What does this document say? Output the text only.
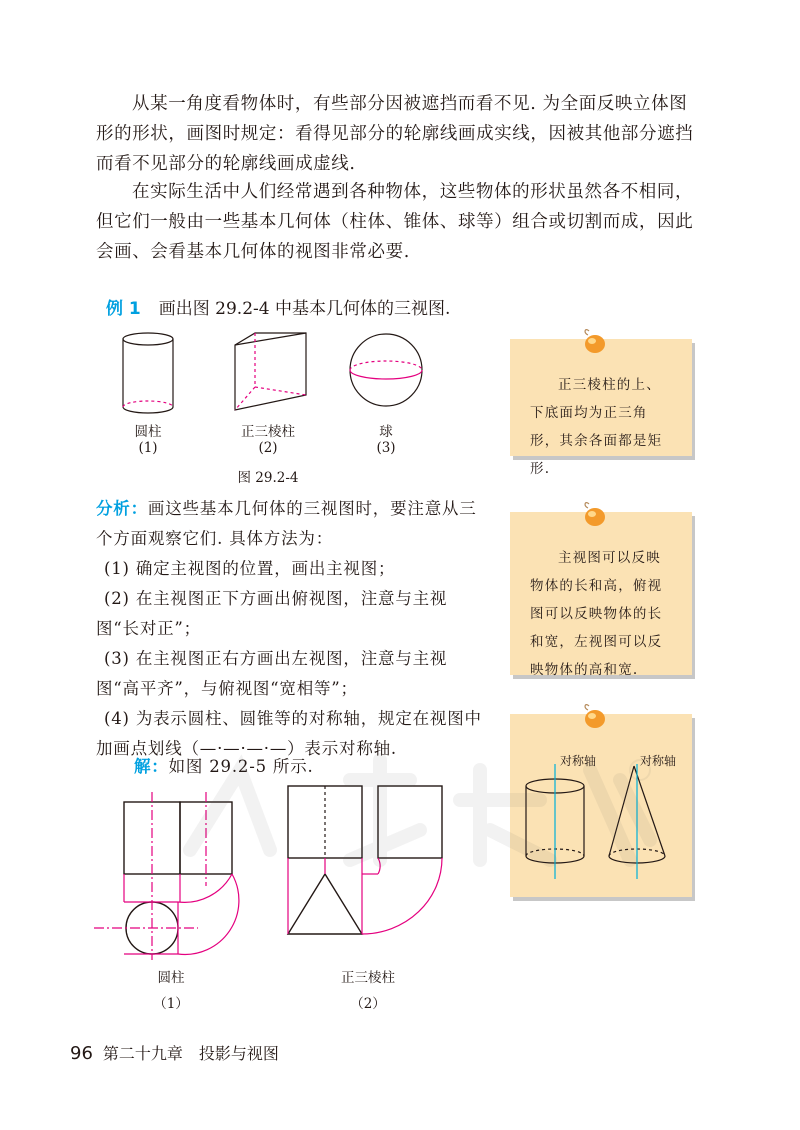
从某一角度看物体时，有些部分因被遮挡而看不见. 为全面反映立体图形的形状，画图时规定：看得见部分的轮廓线画成实线，因被其他部分遮挡而看不见部分的轮廓线画成虚线.

在实际生活中人们经常遇到各种物体，这些物体的形状虽然各不相同，但它们一般由一些基本几何体（柱体、锥体、球等）组合或切割而成，因此会画、会看基本几何体的视图非常必要.

例 1 画出图 29.2-4 中基本几何体的三视图.
圆柱
(1)
正三棱柱
(2)
球
(3)
图 29.2-4
分析：画这些基本几何体的三视图时，要注意从三个方面观察它们. 具体方法为：
(1) 确定主视图的位置，画出主视图；
(2) 在主视图正下方画出俯视图，注意与主视图“长对正”；
(3) 在主视图正右方画出左视图，注意与主视图“高平齐”，与俯视图“宽相等”；
(4) 为表示圆柱、圆锥等的对称轴，规定在视图中加画点划线（—·—·—·—）表示对称轴.
解：如图 29.2-5 所示.
圆柱
（1）
正三棱柱
（2）
正三棱柱的上、下底面均为正三角形，其余各面都是矩形.
主视图可以反映物体的长和高，俯视图可以反映物体的长和宽，左视图可以反映物体的高和宽.
对称轴	对称轴
96 第二十九章　投影与视图
